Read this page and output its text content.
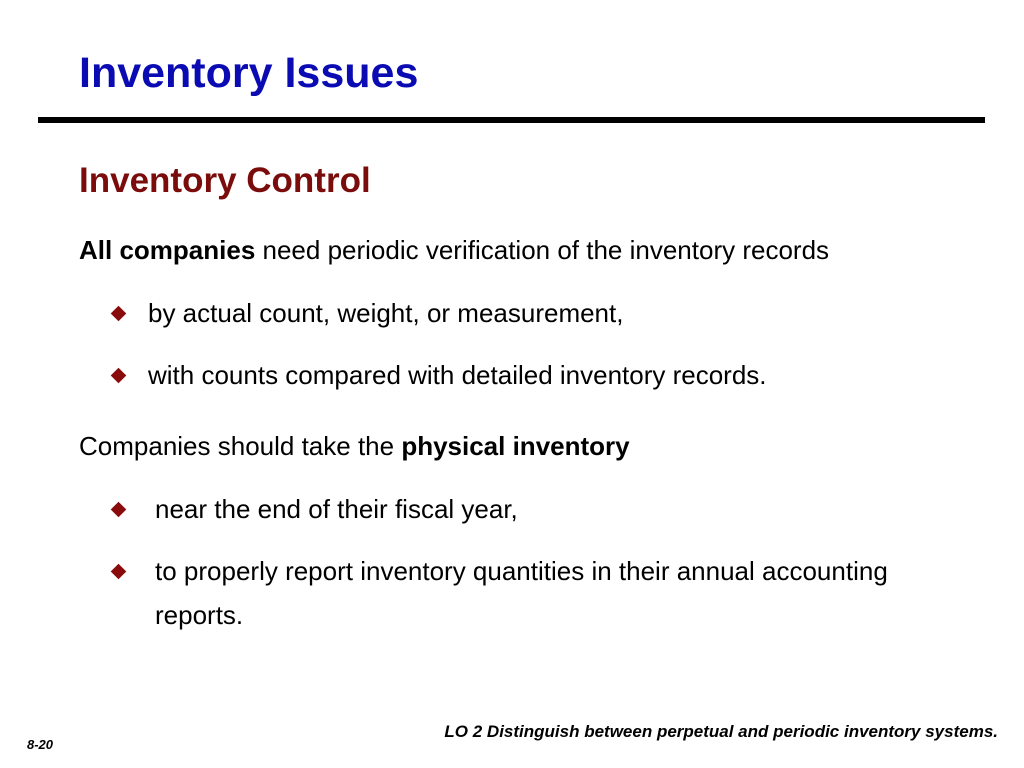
Inventory Issues
Inventory Control
All companies need periodic verification of the inventory records
by actual count, weight, or measurement,
with counts compared with detailed inventory records.
Companies should take the physical inventory
near the end of their fiscal year,
to properly report inventory quantities in their annual accounting reports.
LO 2 Distinguish between perpetual and periodic inventory systems.
8-20
